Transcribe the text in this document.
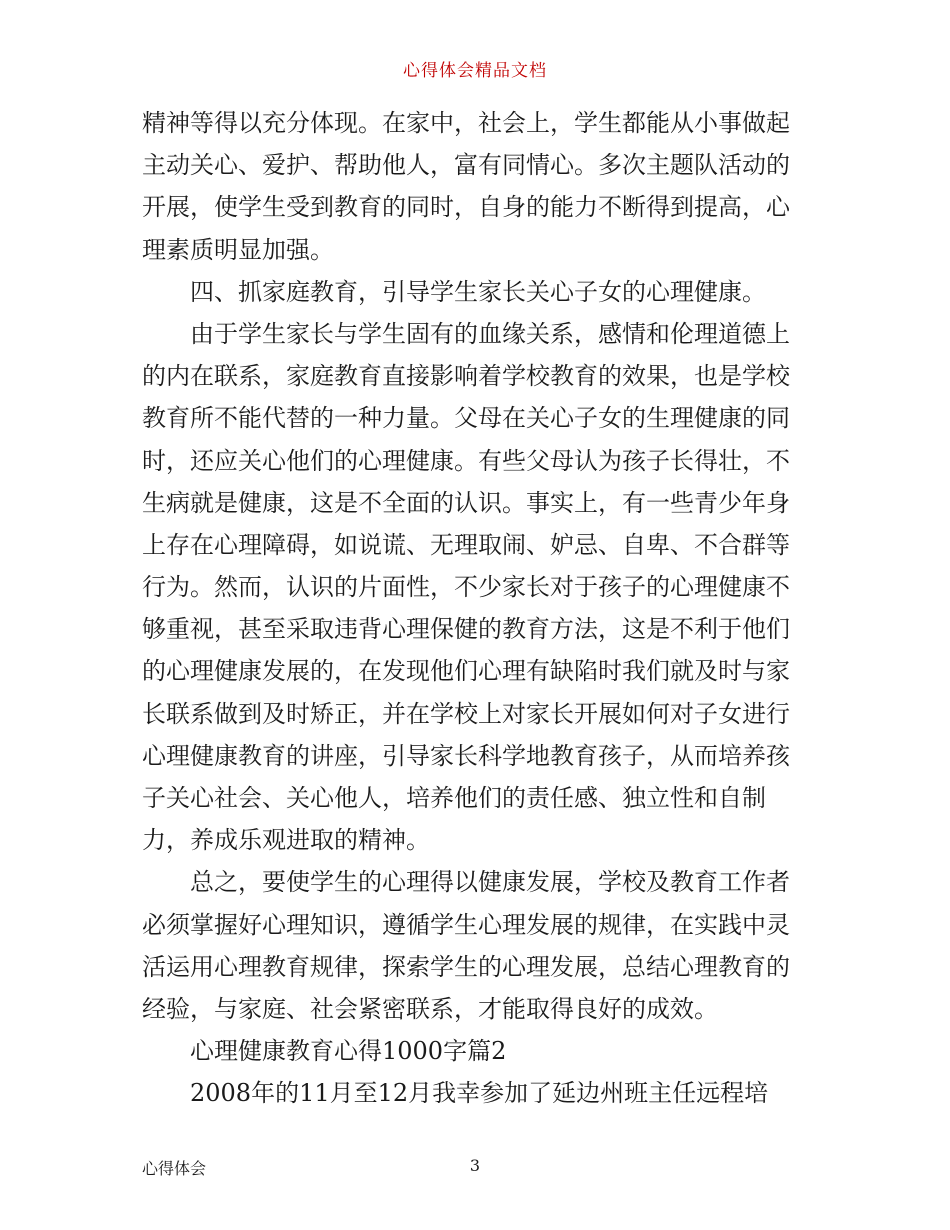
心得体会精品文档
精神等得以充分体现。在家中，社会上，学生都能从小事做起
主动关心、爱护、帮助他人，富有同情心。多次主题队活动的
开展，使学生受到教育的同时，自身的能力不断得到提高，心
理素质明显加强。
四、抓家庭教育，引导学生家长关心子女的心理健康。
由于学生家长与学生固有的血缘关系，感情和伦理道德上
的内在联系，家庭教育直接影响着学校教育的效果，也是学校
教育所不能代替的一种力量。父母在关心子女的生理健康的同
时，还应关心他们的心理健康。有些父母认为孩子长得壮，不
生病就是健康，这是不全面的认识。事实上，有一些青少年身
上存在心理障碍，如说谎、无理取闹、妒忌、自卑、不合群等
行为。然而，认识的片面性，不少家长对于孩子的心理健康不
够重视，甚至采取违背心理保健的教育方法，这是不利于他们
的心理健康发展的，在发现他们心理有缺陷时我们就及时与家
长联系做到及时矫正，并在学校上对家长开展如何对子女进行
心理健康教育的讲座，引导家长科学地教育孩子，从而培养孩
子关心社会、关心他人，培养他们的责任感、独立性和自制
力，养成乐观进取的精神。
总之，要使学生的心理得以健康发展，学校及教育工作者
必须掌握好心理知识，遵循学生心理发展的规律，在实践中灵
活运用心理教育规律，探索学生的心理发展，总结心理教育的
经验，与家庭、社会紧密联系，才能取得良好的成效。
心理健康教育心得1000字篇2
2008年的11月至12月我幸参加了延边州班主任远程培
心得体会	3
